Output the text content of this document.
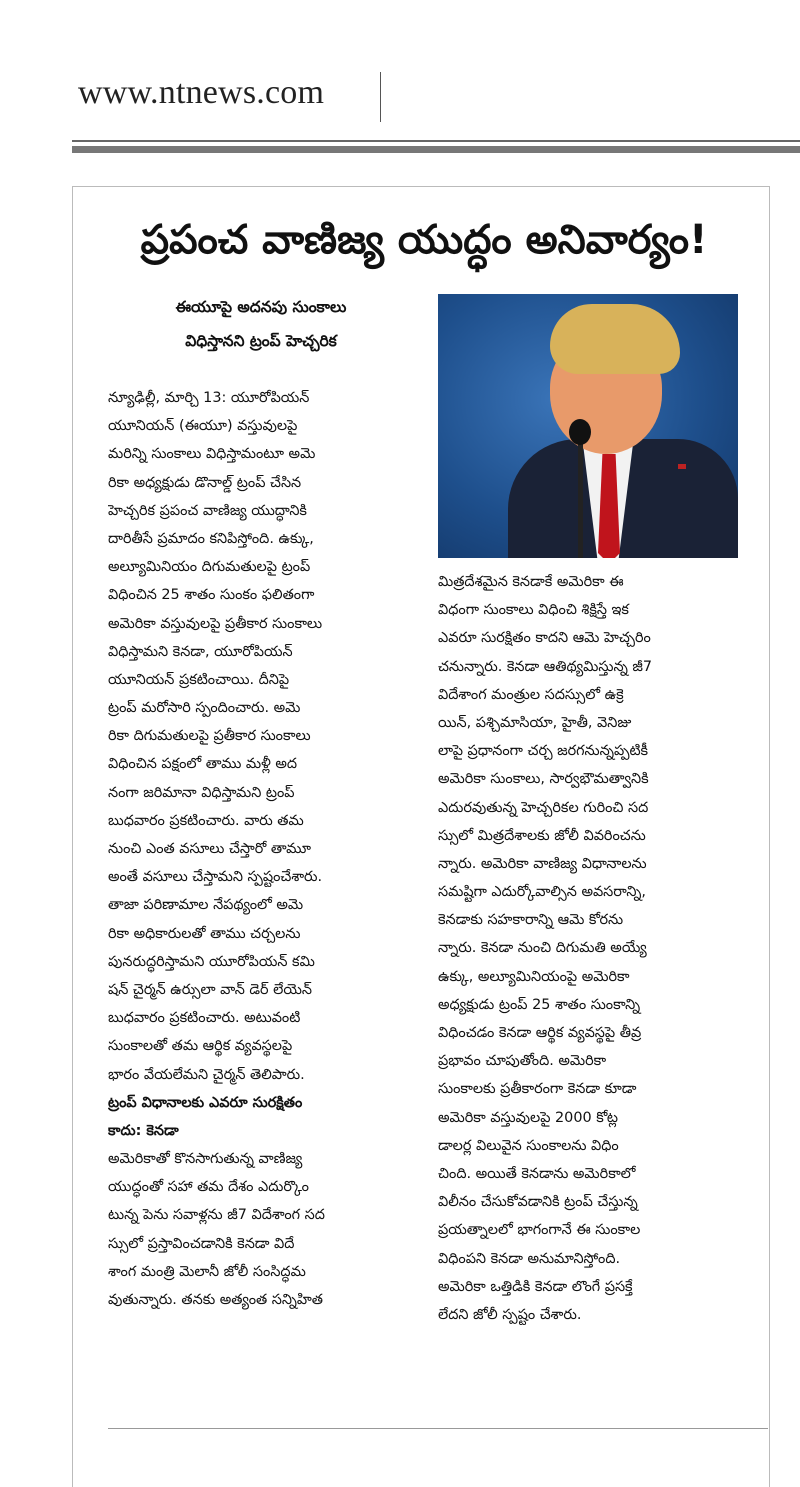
www.ntnews.com
ప్రపంచ వాణిజ్య యుద్ధం అనివార్యం!
ఈయూపై అదనపు సుంకాలు
విధిస్తానని ట్రంప్‌ హెచ్చరిక
న్యూఢిల్లీ, మార్చి 13: యూరోపియన్‌
యూనియన్‌ (ఈయూ) వస్తువులపై
మరిన్ని సుంకాలు విధిస్తామంటూ అమె
రికా అధ్యక్షుడు డొనాల్డ్‌ ట్రంప్‌ చేసిన
హెచ్చరిక ప్రపంచ వాణిజ్య యుద్ధానికి
దారితీసే ప్రమాదం కనిపిస్తోంది. ఉక్కు,
అల్యూమినియం దిగుమతులపై ట్రంప్‌
విధించిన 25 శాతం సుంకం ఫలితంగా
అమెరికా వస్తువులపై ప్రతీకార సుంకాలు
విధిస్తామని కెనడా, యూరోపియన్‌
యూనియన్‌ ప్రకటించాయి. దీనిపై
ట్రంప్‌ మరోసారి స్పందించారు. అమె
రికా దిగుమతులపై ప్రతీకార సుంకాలు
విధించిన పక్షంలో తాము మళ్లీ అద
నంగా జరిమానా విధిస్తామని ట్రంప్‌
బుధవారం ప్రకటించారు. వారు తమ
నుంచి ఎంత వసూలు చేస్తారో తామూ
అంతే వసూలు చేస్తామని స్పష్టంచేశారు.
తాజా పరిణామాల నేపథ్యంలో అమె
రికా అధికారులతో తాము చర్చలను
పునరుద్ధరిస్తామని యూరోపియన్‌ కమి
షన్‌ చైర్మన్‌ ఉర్సులా వాన్‌ డెర్‌ లేయెన్‌
బుధవారం ప్రకటించారు. అటువంటి
సుంకాలతో తమ ఆర్థిక వ్యవస్థలపై
భారం వేయలేమని చైర్మన్‌ తెలిపారు.
ట్రంప్‌ విధానాలకు ఎవరూ సురక్షితం
కాదు: కెనడా
అమెరికాతో కొనసాగుతున్న వాణిజ్య
యుద్ధంతో సహా తమ దేశం ఎదుర్కొం
టున్న పెను సవాళ్లను జీ7 విదేశాంగ సద
స్సులో ప్రస్తావించడానికి కెనడా విదే
శాంగ మంత్రి మెలానీ జోలీ సంసిద్ధమ
వుతున్నారు. తనకు అత్యంత సన్నిహిత
మిత్రదేశమైన కెనడాకే అమెరికా ఈ
విధంగా సుంకాలు విధించి శిక్షిస్తే ఇక
ఎవరూ సురక్షితం కాదని ఆమె హెచ్చరిం
చనున్నారు. కెనడా ఆతిథ్యమిస్తున్న జీ7
విదేశాంగ మంత్రుల సదస్సులో ఉక్రె
యిన్‌, పశ్చిమాసియా, హైతీ, వెనిజు
లాపై ప్రధానంగా చర్చ జరగనున్నప్పటికీ
అమెరికా సుంకాలు, సార్వభౌమత్వానికి
ఎదురవుతున్న హెచ్చరికల గురించి సద
స్సులో మిత్రదేశాలకు జోలీ వివరించను
న్నారు. అమెరికా వాణిజ్య విధానాలను
సమష్టిగా ఎదుర్కోవాల్సిన అవసరాన్ని,
కెనడాకు సహకారాన్ని ఆమె కోరను
న్నారు. కెనడా నుంచి దిగుమతి అయ్యే
ఉక్కు, అల్యూమినియంపై అమెరికా
అధ్యక్షుడు ట్రంప్‌ 25 శాతం సుంకాన్ని
విధించడం కెనడా ఆర్థిక వ్యవస్థపై తీవ్ర
ప్రభావం చూపుతోంది. అమెరికా
సుంకాలకు ప్రతీకారంగా కెనడా కూడా
అమెరికా వస్తువులపై 2000 కోట్ల
డాలర్ల విలువైన సుంకాలను విధిం
చింది. అయితే కెనడాను అమెరికాలో
విలీనం చేసుకోవడానికి ట్రంప్‌ చేస్తున్న
ప్రయత్నాలలో భాగంగానే ఈ సుంకాల
విధింపని కెనడా అనుమానిస్తోంది.
అమెరికా ఒత్తిడికి కెనడా లొంగే ప్రసక్తే
లేదని జోలీ స్పష్టం చేశారు.
